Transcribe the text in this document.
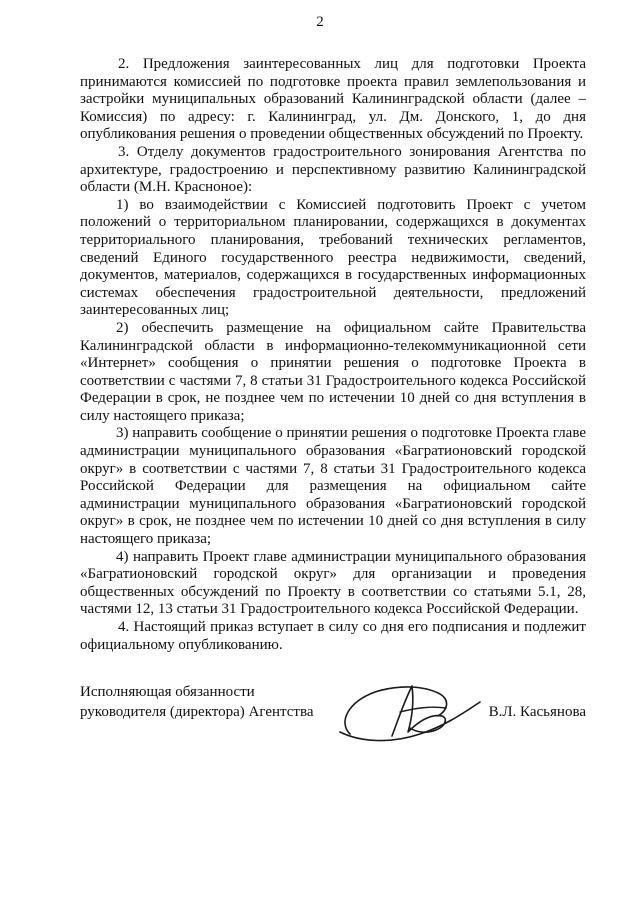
2

2. Предложения заинтересованных лиц для подготовки Проекта принимаются комиссией по подготовке проекта правил землепользования и застройки муниципальных образований Калининградской области (далее – Комиссия) по адресу: г. Калининград, ул. Дм. Донского, 1, до дня опубликования решения о проведении общественных обсуждений по Проекту.

3. Отделу документов градостроительного зонирования Агентства по архитектуре, градостроению и перспективному развитию Калининградской области (М.Н. Красноное):

1) во взаимодействии с Комиссией подготовить Проект с учетом положений о территориальном планировании, содержащихся в документах территориального планирования, требований технических регламентов, сведений Единого государственного реестра недвижимости, сведений, документов, материалов, содержащихся в государственных информационных системах обеспечения градостроительной деятельности, предложений заинтересованных лиц;

2) обеспечить размещение на официальном сайте Правительства Калининградской области в информационно-телекоммуникационной сети «Интернет» сообщения о принятии решения о подготовке Проекта в соответствии с частями 7, 8 статьи 31 Градостроительного кодекса Российской Федерации в срок, не позднее чем по истечении 10 дней со дня вступления в силу настоящего приказа;

3) направить сообщение о принятии решения о подготовке Проекта главе администрации муниципального образования «Багратионовский городской округ» в соответствии с частями 7, 8 статьи 31 Градостроительного кодекса Российской Федерации для размещения на официальном сайте администрации муниципального образования «Багратионовский городской округ» в срок, не позднее чем по истечении 10 дней со дня вступления в силу настоящего приказа;

4) направить Проект главе администрации муниципального образования «Багратионовский городской округ» для организации и проведения общественных обсуждений по Проекту в соответствии со статьями 5.1, 28, частями 12, 13 статьи 31 Градостроительного кодекса Российской Федерации.

4. Настоящий приказ вступает в силу со дня его подписания и подлежит официальному опубликованию.

Исполняющая обязанности
руководителя (директора) Агентства	В.Л. Касьянова
